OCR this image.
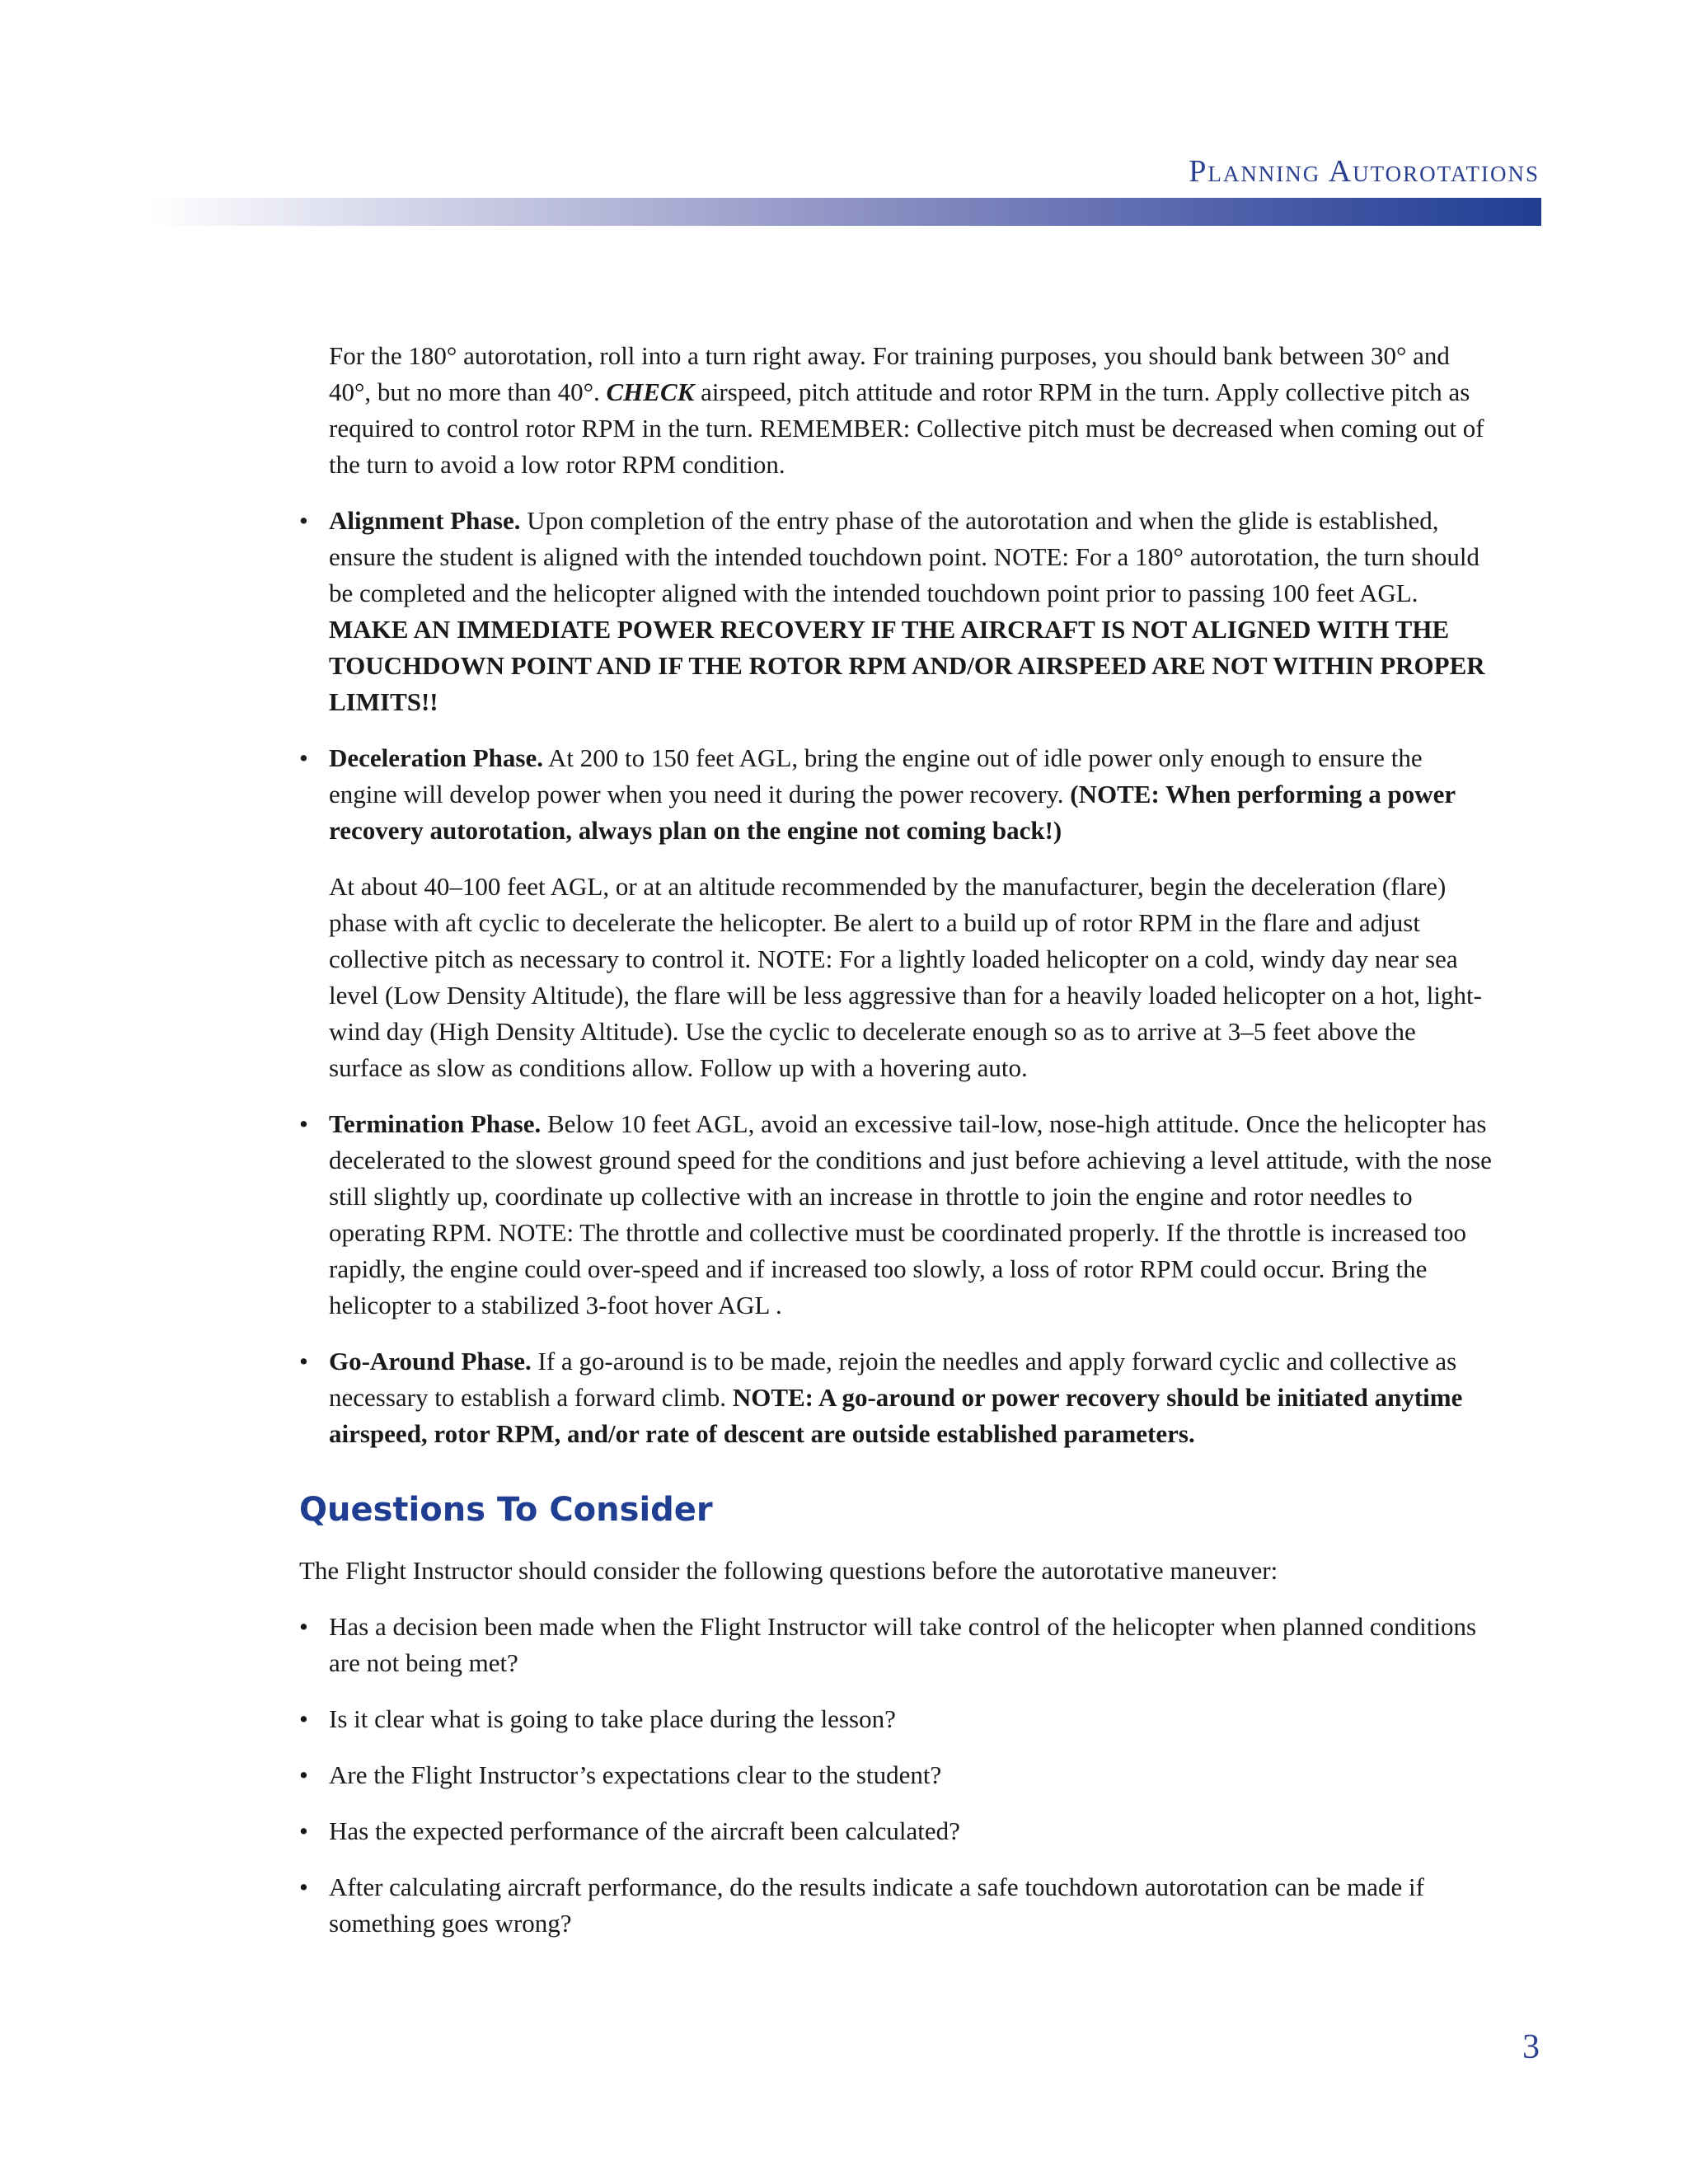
Planning Autorotations

For the 180° autorotation, roll into a turn right away. For training purposes, you should bank between 30° and 40°, but no more than 40°. CHECK airspeed, pitch attitude and rotor RPM in the turn. Apply collective pitch as required to control rotor RPM in the turn. REMEMBER: Collective pitch must be decreased when coming out of the turn to avoid a low rotor RPM condition.

• Alignment Phase. Upon completion of the entry phase of the autorotation and when the glide is established, ensure the student is aligned with the intended touchdown point. NOTE: For a 180° autorotation, the turn should be completed and the helicopter aligned with the intended touchdown point prior to passing 100 feet AGL. MAKE AN IMMEDIATE POWER RECOVERY IF THE AIRCRAFT IS NOT ALIGNED WITH THE TOUCHDOWN POINT AND IF THE ROTOR RPM AND/OR AIRSPEED ARE NOT WITHIN PROPER LIMITS!!
• Deceleration Phase. At 200 to 150 feet AGL, bring the engine out of idle power only enough to ensure the engine will develop power when you need it during the power recovery. (NOTE: When performing a power recovery autorotation, always plan on the engine not coming back!)

At about 40–100 feet AGL, or at an altitude recommended by the manufacturer, begin the deceleration (flare) phase with aft cyclic to decelerate the helicopter. Be alert to a build up of rotor RPM in the flare and adjust collective pitch as necessary to control it. NOTE: For a lightly loaded helicopter on a cold, windy day near sea level (Low Density Altitude), the flare will be less aggressive than for a heavily loaded helicopter on a hot, light-wind day (High Density Altitude). Use the cyclic to decelerate enough so as to arrive at 3–5 feet above the surface as slow as conditions allow. Follow up with a hovering auto.

• Termination Phase. Below 10 feet AGL, avoid an excessive tail-low, nose-high attitude. Once the helicopter has decelerated to the slowest ground speed for the conditions and just before achieving a level attitude, with the nose still slightly up, coordinate up collective with an increase in throttle to join the engine and rotor needles to operating RPM. NOTE: The throttle and collective must be coordinated properly. If the throttle is increased too rapidly, the engine could over-speed and if increased too slowly, a loss of rotor RPM could occur. Bring the helicopter to a stabilized 3-foot hover AGL .
• Go-Around Phase. If a go-around is to be made, rejoin the needles and apply forward cyclic and collective as necessary to establish a forward climb. NOTE: A go-around or power recovery should be initiated anytime airspeed, rotor RPM, and/or rate of descent are outside established parameters.
Questions To Consider

The Flight Instructor should consider the following questions before the autorotative maneuver:

• Has a decision been made when the Flight Instructor will take control of the helicopter when planned conditions are not being met?
• Is it clear what is going to take place during the lesson?
• Are the Flight Instructor’s expectations clear to the student?
• Has the expected performance of the aircraft been calculated?
• After calculating aircraft performance, do the results indicate a safe touchdown autorotation can be made if something goes wrong?
3
